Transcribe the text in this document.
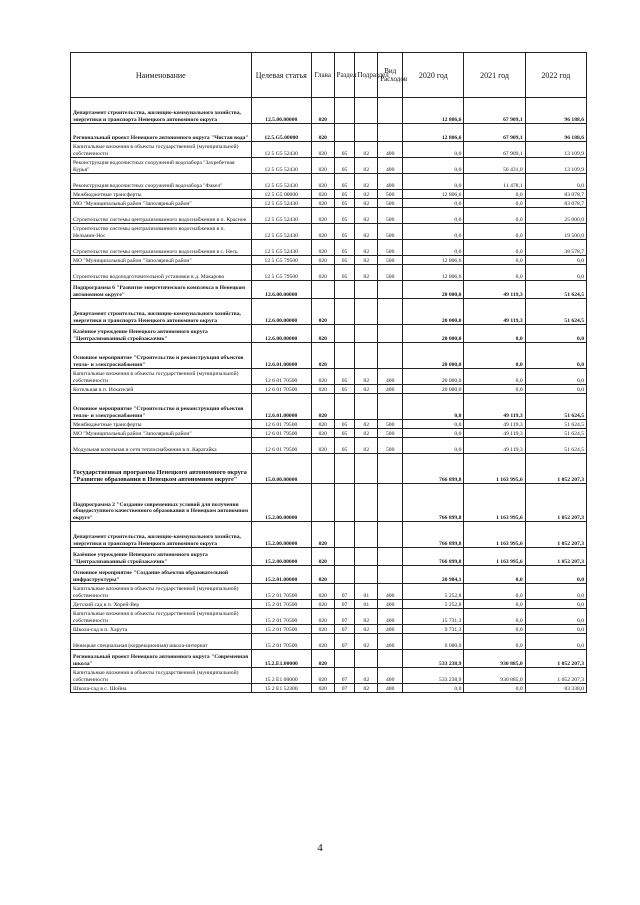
Наименование	Целевая статья	Глава	Раздел	Подраздел	Вид Расходов	2020 год	2021 год	2022 год
Департамент строительства, жилищно-коммунального хозяйства, энергетики и транспорта Ненецкого автономного округа	12.5.00.00000	020				12 806,6	67 909,1	96 188,6
Региональный проект Ненецкого автономного округа "Чистая вода"	12.5.G5.00000	020				12 806,6	67 909,1	96 188,6
Капитальные вложения в объекты государственной (муниципальной) собственности	12 5 G5 52430	020	05	02	400	0,0	67 909,1	13 109,9
Реконструкция водоочистных сооружений водозабора "Захребетная Курья"	12 5 G5 52430	020	05	02	400	0,0	56 431,0	13 109,9
Реконструкция водоочистных сооружений водозабора "Факел"	12 5 G5 52430	020	05	02	400	0,0	11 478,1	0,0
Межбюджетные трансферты	12 5 G5 00000	020	05	02	500	12 806,6	0,0	83 078,7
МО "Муниципальный район "Заполярный район"	12 5 G5 52430	020	05	02	500	0,0	0,0	83 078,7
Строительство системы централизованного водоснабжения в п. Красное	12 5 G5 52430	020	05	02	500	0,0	0,0	25 000,0
Строительство системы централизованного водоснабжения в п. Нельмин-Нос	12 5 G5 52430	020	05	02	500	0,0	0,0	19 500,0
Строительство системы централизованного водоснабжения в с. Несь	12 5 G5 52430	020	05	02	500	0,0	0,0	38 578,7
МО "Муниципальный район "Заполярный район"	12 5 G5 79500	020	05	02	500	12 806,6	0,0	0,0
Строительство водоподготовительной установки в д. Макарово	12 5 G5 79500	020	05	02	500	12 806,6	0,0	0,0
Подпрограмма 6 "Развитие энергетического комплекса в Ненецком автономном округе"	12.6.00.00000					20 000,0	49 119,3	51 624,5
Департамент строительства, жилищно-коммунального хозяйства, энергетики и транспорта Ненецкого автономного округа	12.6.00.00000	020				20 000,0	49 119,3	51 624,5
Казённое учреждение Ненецкого автономного округа "Централизованный стройзаказчик"	12.6.00.00000	020				20 000,0	0,0	0,0
Основное мероприятие "Строительство и реконструкция объектов тепло- и электроснабжения"	12.6.01.00000	020				20 000,0	0,0	0,0
Капитальные вложения в объекты государственной (муниципальной) собственности	12 6 01 70500	020	05	02	400	20 000,0	0,0	0,0
Котельная в п. Искателей	12 6 01 70500	020	05	02	400	20 000,0	0,0	0,0
Основное мероприятие "Строительство и реконструкция объектов тепло- и электроснабжения"	12.6.01.00000	020				0,0	49 119,3	51 624,5
Межбюджетные трансферты	12 6 01 79500	020	05	02	500	0,0	49 119,3	51 624,5
МО "Муниципальный район "Заполярный район"	12 6 01 79500	020	05	02	500	0,0	49 119,3	51 624,5
Модульная котельная и сети теплоснабжения в п. Каратайка	12 6 01 79500	020	05	02	500	0,0	49 119,3	51 624,5
Государственная программа Ненецкого автономного округа "Развитие образования в Ненецком автономном округе"	15.0.00.00000					766 899,8	1 163 995,6	1 052 207,3
Подпрограмма 2 "Создание современных условий для получения общедоступного качественного образования в Ненецком автономном округе"	15.2.00.00000					766 899,8	1 163 995,6	1 052 207,3
Департамент строительства, жилищно-коммунального хозяйства, энергетики и транспорта Ненецкого автономного округа	15.2.00.00000	020				766 899,8	1 163 995,6	1 052 207,3
Казённое учреждение Ненецкого автономного округа "Централизованный стройзаказчик"	15.2.00.00000	020				766 899,8	1 163 995,6	1 052 207,3
Основное мероприятие "Создание объектов образовательной инфраструктуры"	15.2.01.00000	020				20 984,1	0,0	0,0
Капитальные вложения в объекты государственной (муниципальной) собственности	15 2 01 70500	020	07	01	400	5 252,8	0,0	0,0
Детский сад в п. Хорей-Вер	15 2 01 70500	020	07	01	400	5 252,8	0,0	0,0
Капитальные вложения в объекты государственной (муниципальной) собственности	15 2 01 70500	020	07	02	400	15 731,3	0,0	0,0
Школа-сад в п. Харута	15 2 01 70500	020	07	02	400	9 731,3	0,0	0,0
Ненецкая специальная (коррекционная) школа-интернат	15 2 01 70500	020	07	02	400	6 000,0	0,0	0,0
Региональный проект Ненецкого автономного округа "Современная школа"	15.2.E1.00000	020				533 238,9	930 885,0	1 052 207,3
Капитальные вложения в объекты государственной (муниципальной) собственности	15 2 E1 00000	020	07	02	400	533 238,9	930 885,0	1 052 207,3
Школа-сад в с. Шойна	15 2 E1 52300	020	07	02	400	0,0	0,0	83 338,0
4
